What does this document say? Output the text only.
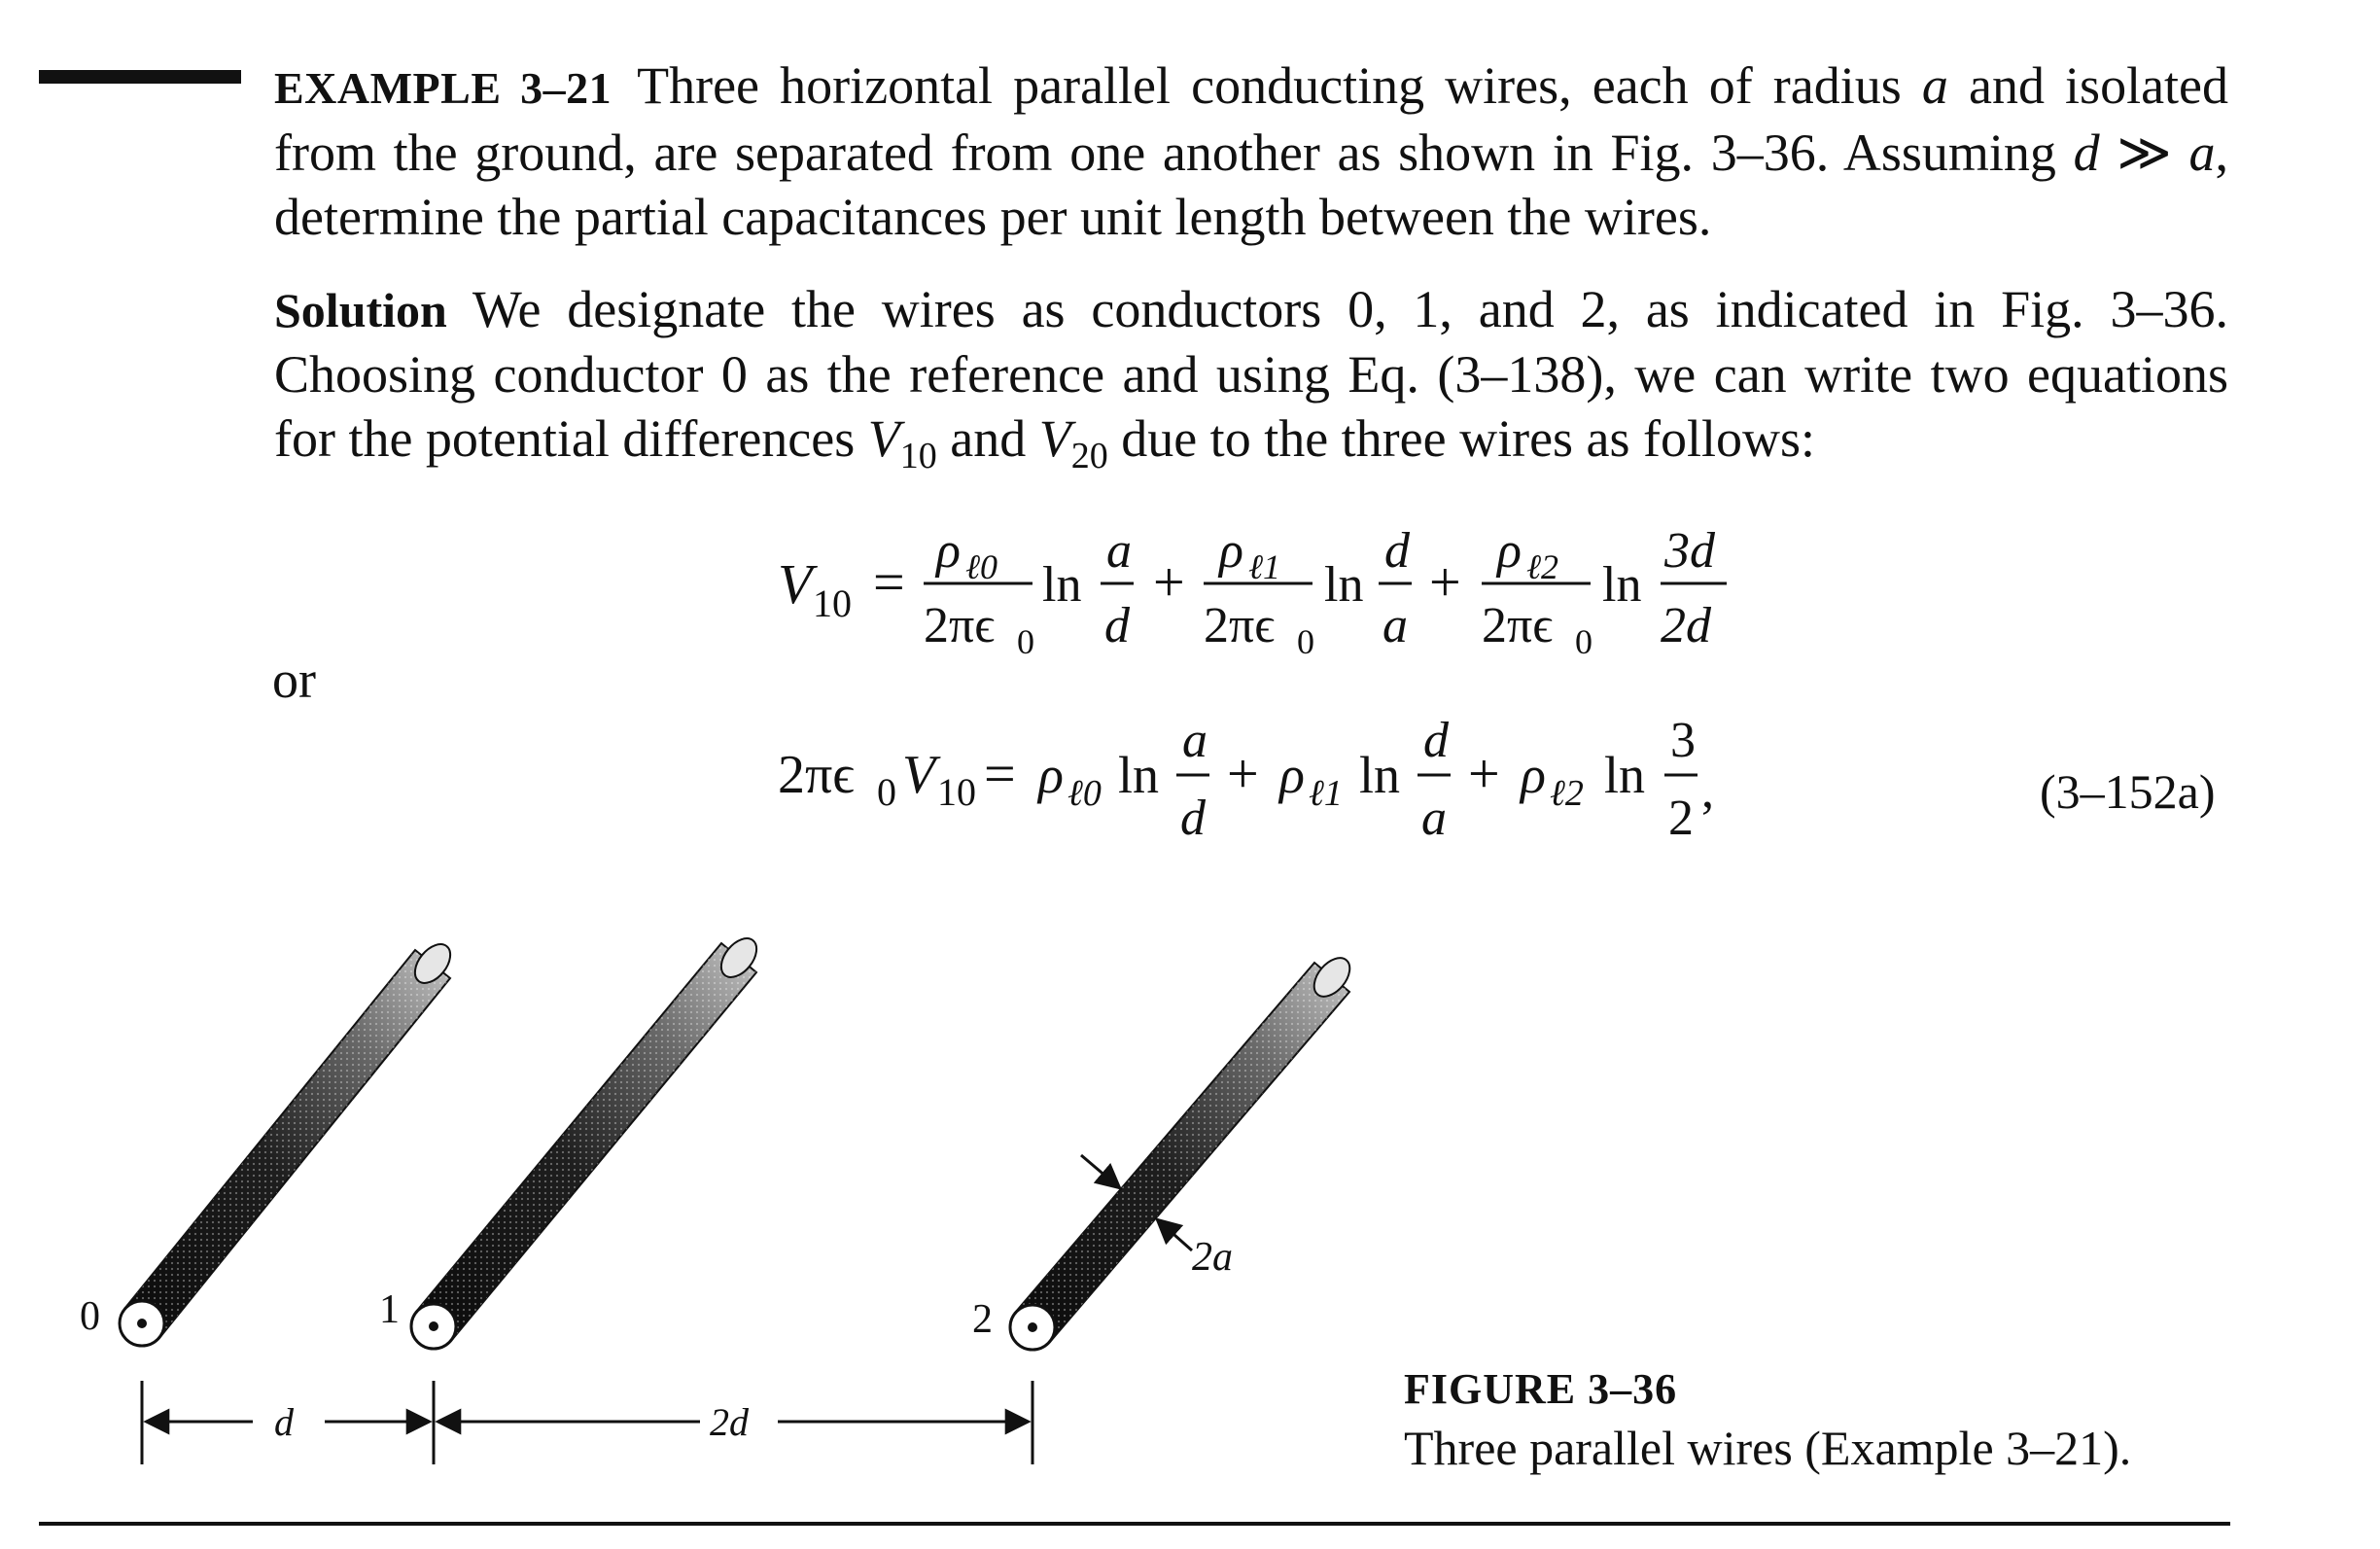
EXAMPLE 3–21 Three horizontal parallel conducting wires, each of radius a and isolated from the ground, are separated from one another as shown in Fig. 3–36. Assuming d ≫ a, determine the partial capacitances per unit length between the wires.

Solution We designate the wires as conductors 0, 1, and 2, as indicated in Fig. 3–36. Choosing conductor 0 as the reference and using Eq. (3–138), we can write two equations for the potential differences $V_{10}$ and $V_{20}$ due to the three wires as follows:

V 10 = ρ ℓ0
2πϵ 0
ln
a
d
+ ρ ℓ1
2πϵ 0
ln
d
a
+ ρ ℓ2
2πϵ 0
ln
3d
2d
2πϵ 0 V 10 = ρ ℓ0 ln
a
d
+ ρ ℓ1 ln
d
a
+ ρ ℓ2 ln
3
2 ,
or
(3–152a)
0	1	2
2a
d	2d
FIGURE 3–36
Three parallel wires (Example 3–21).
